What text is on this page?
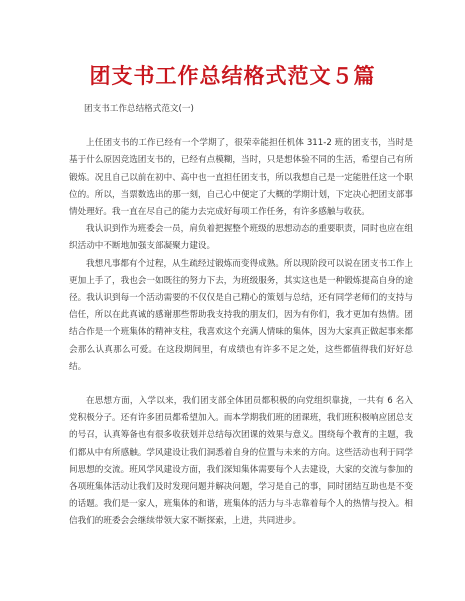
团支书工作总结格式范文５篇

团支书工作总结格式范文(一)

上任团支书的工作已经有一个学期了，很荣幸能担任机体 311-2 班的团支书，当时是基于什么原因竞选团支书的，已经有点模糊，当时，只是想体验不同的生活，希望自己有所锻炼。况且自己以前在初中、高中也一直担任团支书，所以我想自己是一定能胜任这一个职位的。所以，当票数选出的那一刻，自己心中便定了大概的学期计划，下定决心把团支部事情处理好。我一直在尽自己的能力去完成好每项工作任务，有许多感触与收获。

我认识到作为班委会一员，肩负着把握整个班级的思想动态的重要职责，同时也应在组织活动中不断地加强支部凝聚力建设。

我想凡事都有个过程，从生疏经过锻炼而变得成熟。所以现阶段可以说在团支书工作上更加上手了，我也会一如既往的努力下去，为班级服务，其实这也是一种锻炼提高自身的途径。我认识到每一个活动需要的不仅仅是自己精心的策划与总结，还有同学老师们的支持与信任，所以在此真诚的感谢那些帮助我支持我的朋友们，因为有你们，我才更加有热情。团结合作是一个班集体的精神支柱，我喜欢这个充满人情味的集体，因为大家真正做起事来都会那么认真那么可爱。在这段期间里，有成绩也有许多不足之处，这些都值得我们好好总结。

在思想方面，入学以来，我们团支部全体团员都积极的向党组织靠拢，一共有 6 名入党积极分子。还有许多团员都希望加入。而本学期我们班的团课班，我们班积极响应团总支的号召，认真筹备也有很多收获划并总结每次团课的效果与意义。围绕每个教育的主题，我们都从中有所感触。学风建设让我们洞悉着自身的位置与未来的方向。这些活动也利于同学间思想的交流。班风学风建设方面，我们深知集体需要每个人去建设，大家的交流与参加的各项班集体活动让我们及时发现问题并解决问题，学习是自己的事，同时团结互助也是不变的话题。我们是一家人，班集体的和谐，班集体的活力与斗志靠着每个人的热情与投入。相信我们的班委会会继续带领大家不断探索，上进，共同进步。
